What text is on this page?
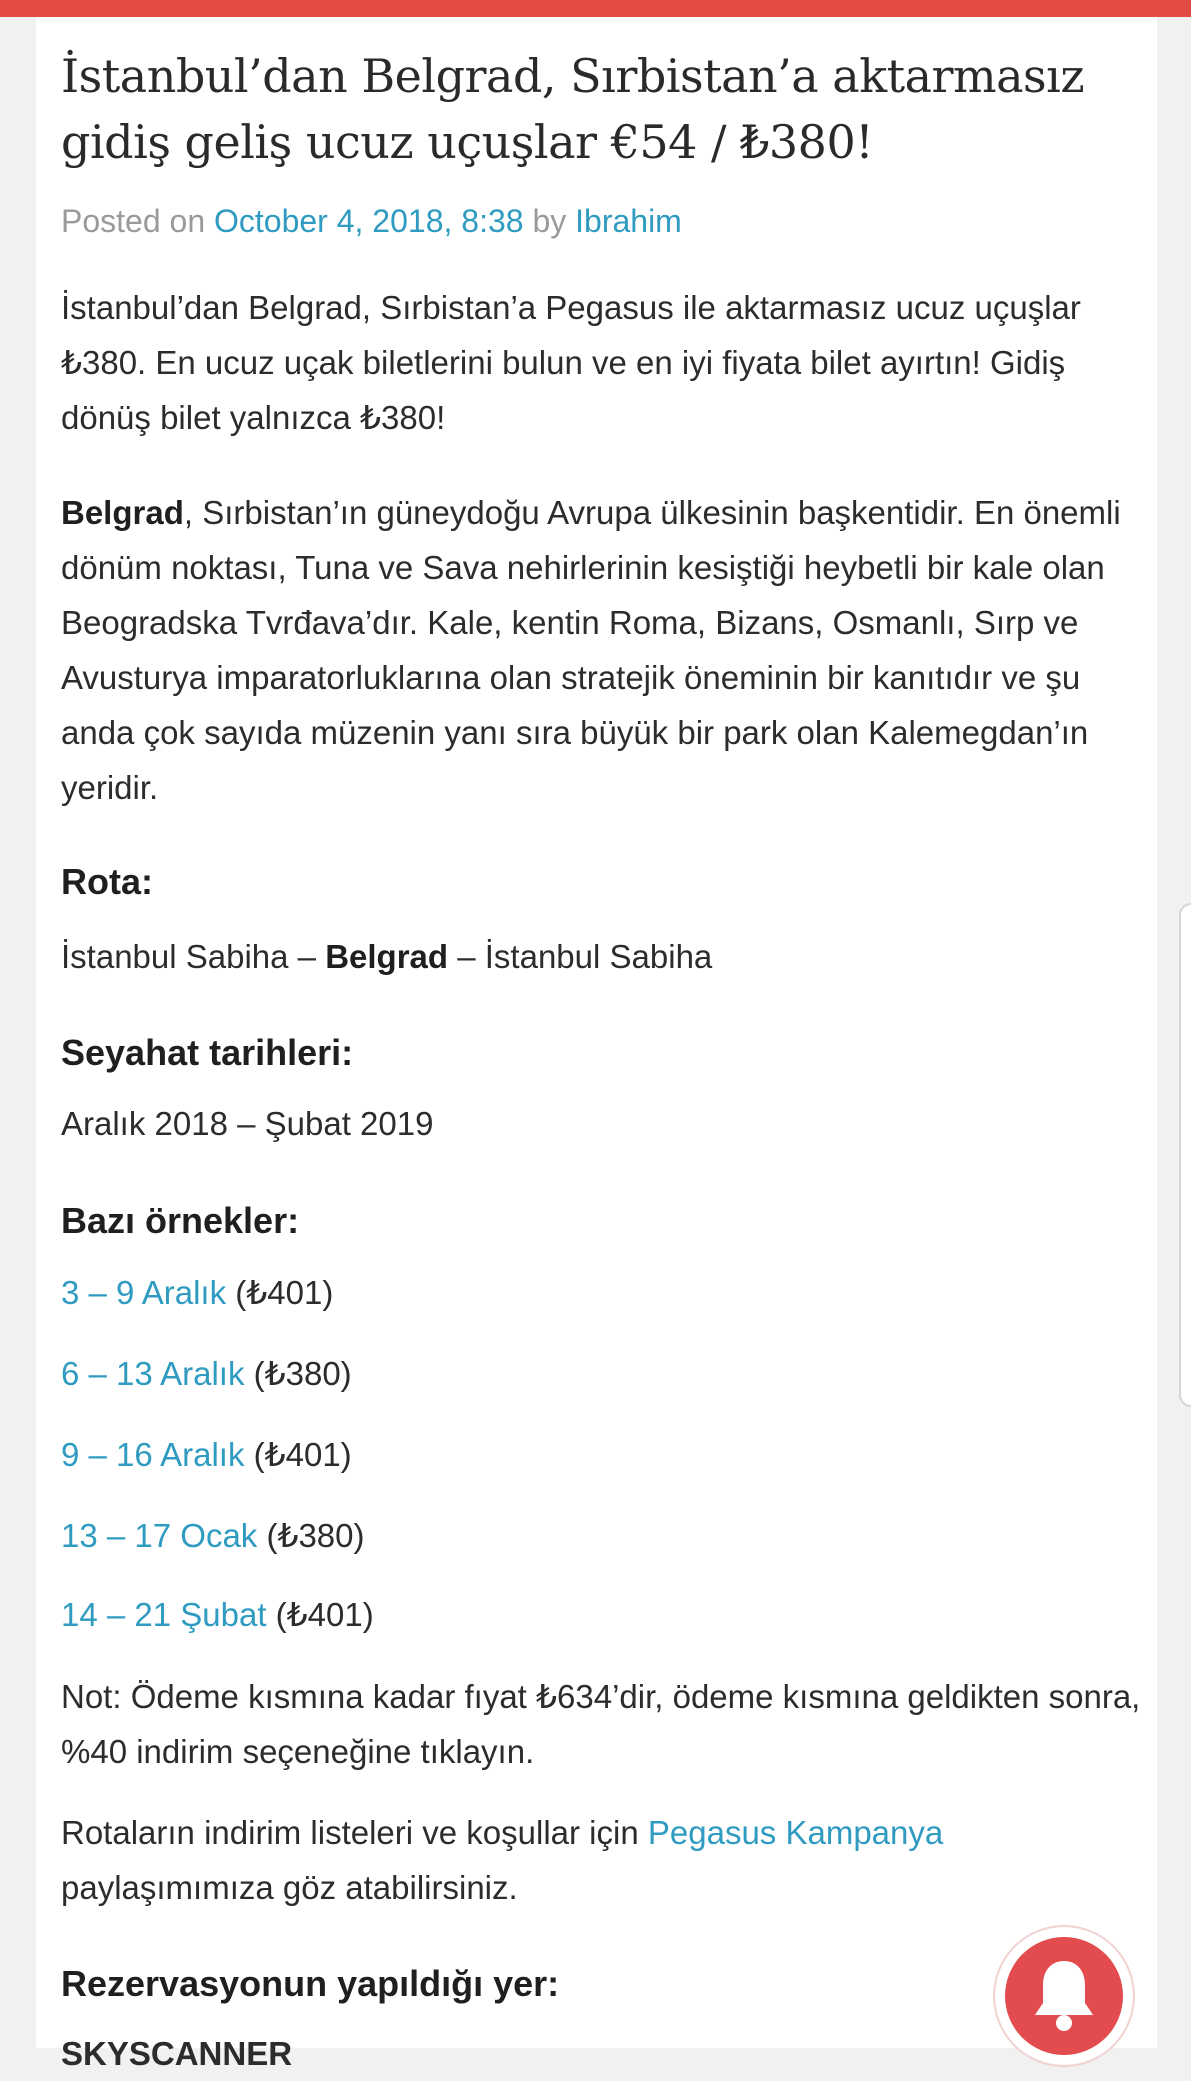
İstanbul’dan Belgrad, Sırbistan’a aktarmasız gidiş geliş ucuz uçuşlar €54 / ₺380!
Posted on October 4, 2018, 8:38 by Ibrahim

İstanbul’dan Belgrad, Sırbistan’a Pegasus ile aktarmasız ucuz uçuşlar ₺380. En ucuz uçak biletlerini bulun ve en iyi fiyata bilet ayırtın! Gidiş dönüş bilet yalnızca ₺380!

Belgrad, Sırbistan’ın güneydoğu Avrupa ülkesinin başkentidir. En önemli dönüm noktası, Tuna ve Sava nehirlerinin kesiştiği heybetli bir kale olan Beogradska Tvrđava’dır. Kale, kentin Roma, Bizans, Osmanlı, Sırp ve Avusturya imparatorluklarına olan stratejik öneminin bir kanıtıdır ve şu anda çok sayıda müzenin yanı sıra büyük bir park olan Kalemegdan’ın yeridir.

Rota:

İstanbul Sabiha – Belgrad – İstanbul Sabiha

Seyahat tarihleri:

Aralık 2018 – Şubat 2019

Bazı örnekler:
3 – 9 Aralık (₺401)
6 – 13 Aralık (₺380)
9 – 16 Aralık (₺401)
13 – 17 Ocak (₺380)
14 – 21 Şubat (₺401)

Not: Ödeme kısmına kadar fıyat ₺634’dir, ödeme kısmına geldikten sonra, %40 indirim seçeneğine tıklayın.

Rotaların indirim listeleri ve koşullar için Pegasus Kampanya paylaşımımıza göz atabilirsiniz.

Rezervasyonun yapıldığı yer:
SKYSCANNER
